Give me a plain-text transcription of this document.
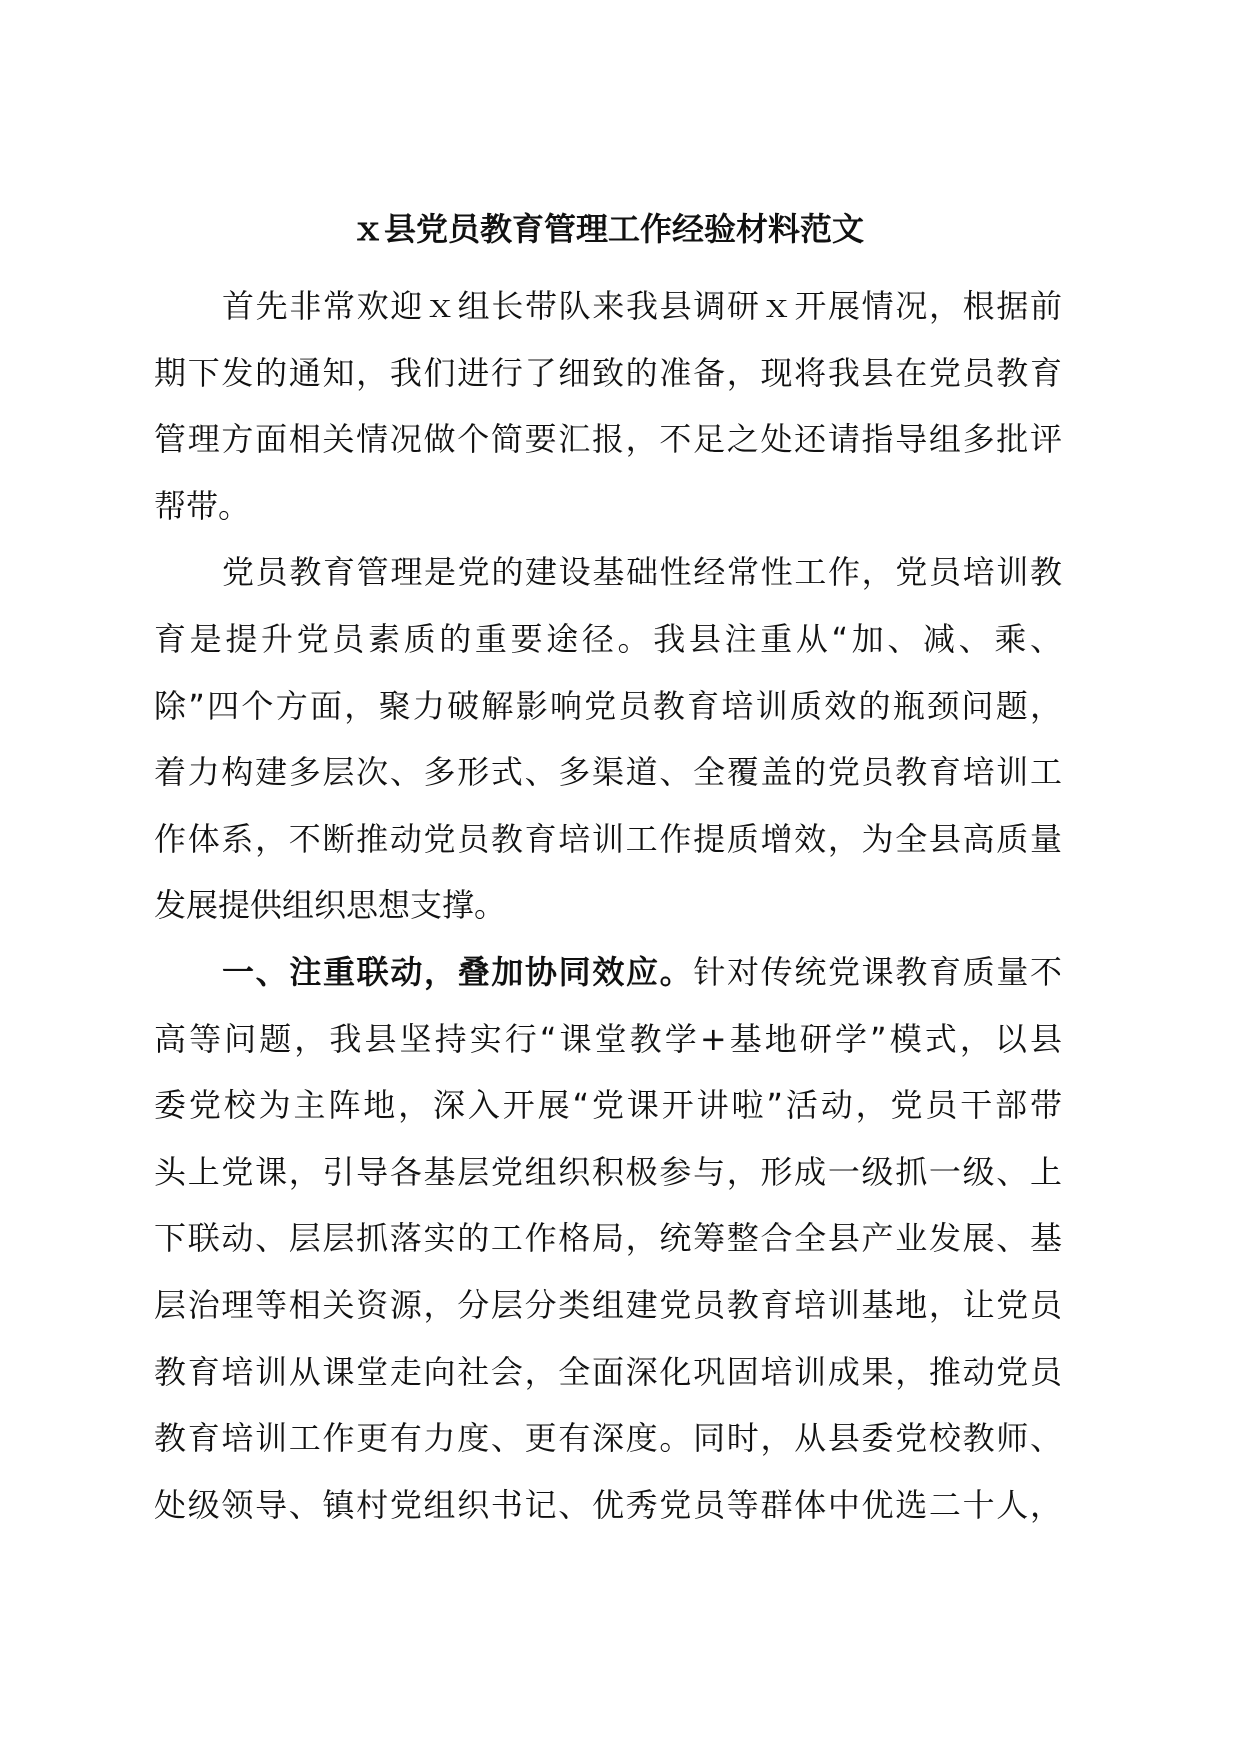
ｘ县党员教育管理工作经验材料范文
首先非常欢迎ｘ组长带队来我县调研ｘ开展情况，根据前
期下发的通知，我们进行了细致的准备，现将我县在党员教育
管理方面相关情况做个简要汇报，不足之处还请指导组多批评
帮带。
党员教育管理是党的建设基础性经常性工作，党员培训教
育是提升党员素质的重要途径。我县注重从“加、减、乘、
除”四个方面，聚力破解影响党员教育培训质效的瓶颈问题，
着力构建多层次、多形式、多渠道、全覆盖的党员教育培训工
作体系，不断推动党员教育培训工作提质增效，为全县高质量
发展提供组织思想支撑。
一、注重联动，叠加协同效应。针对传统党课教育质量不
高等问题，我县坚持实行“课堂教学+基地研学”模式，以县
委党校为主阵地，深入开展“党课开讲啦”活动，党员干部带
头上党课，引导各基层党组织积极参与，形成一级抓一级、上
下联动、层层抓落实的工作格局，统筹整合全县产业发展、基
层治理等相关资源，分层分类组建党员教育培训基地，让党员
教育培训从课堂走向社会，全面深化巩固培训成果，推动党员
教育培训工作更有力度、更有深度。同时，从县委党校教师、
处级领导、镇村党组织书记、优秀党员等群体中优选二十人，
